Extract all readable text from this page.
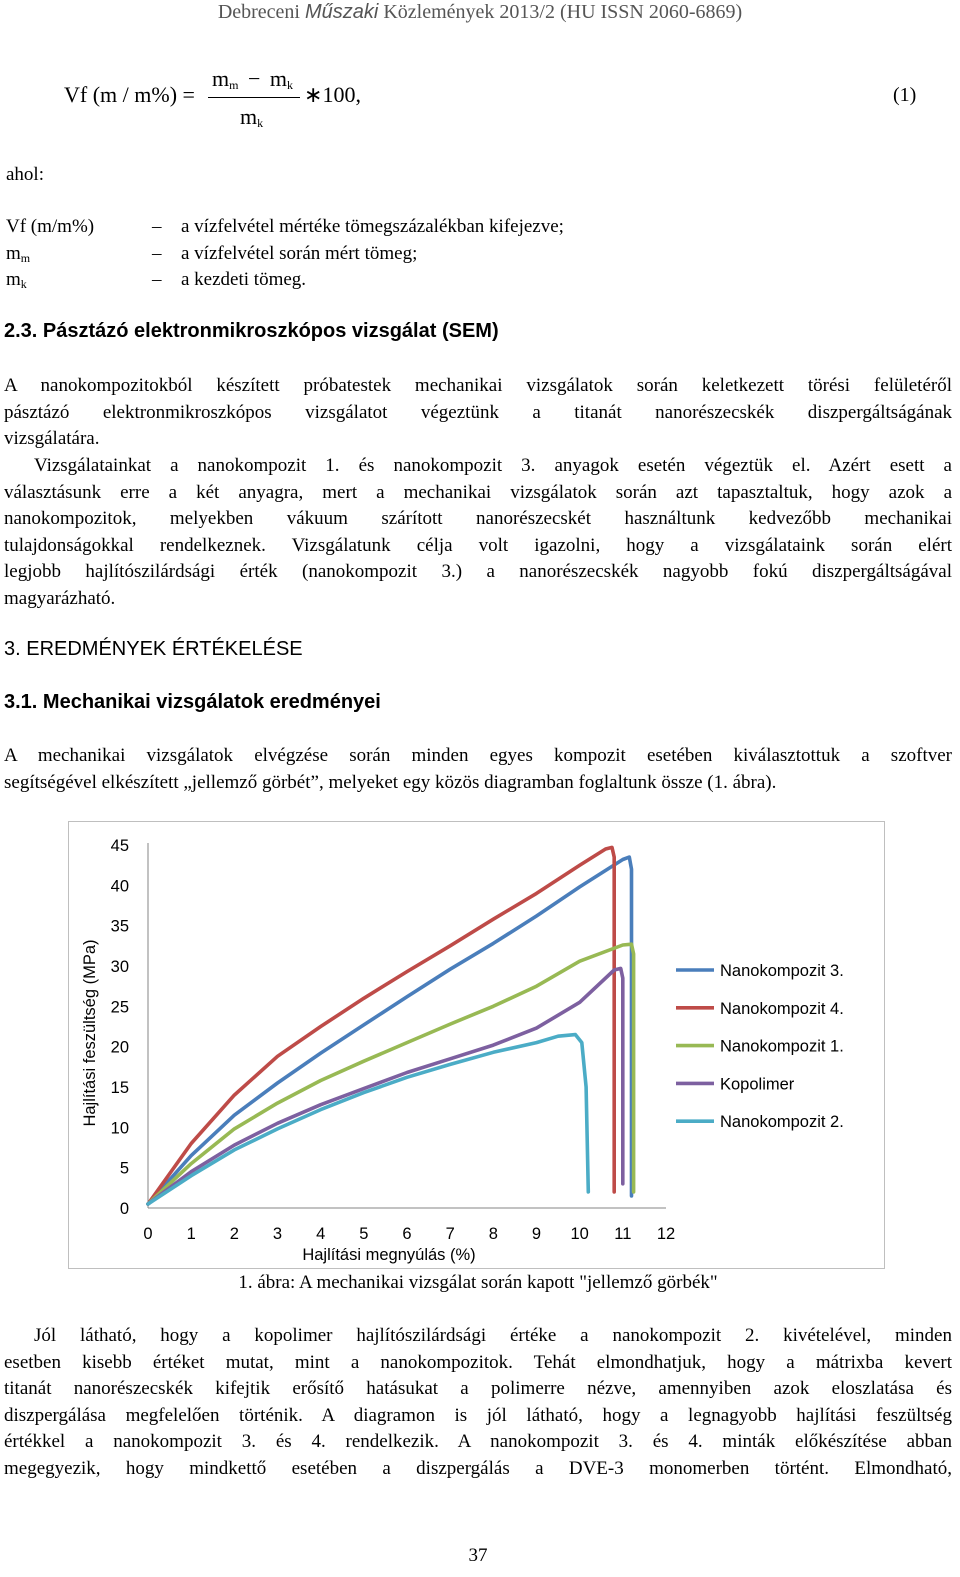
Debreceni Műszaki Közlemények 2013/2 (HU ISSN 2060-6869)
Vf (m / m%) =
$m_m - m_k$
$m_k$
∗100,	(1)
ahol:
Vf (m/m%)	– a vízfelvétel mértéke tömegszázalékban kifejezve;
$m_m$	– a vízfelvétel során mért tömeg;
$m_k$	– a kezdeti tömeg.
2.3. Pásztázó elektronmikroszkópos vizsgálat (SEM)
A nanokompozitokból készített próbatestek mechanikai vizsgálatok során keletkezett törési felületéről
pásztázó elektronmikroszkópos vizsgálatot végeztünk a titanát nanorészecskék diszpergáltságának
vizsgálatára.
Vizsgálatainkat a nanokompozit 1. és nanokompozit 3. anyagok esetén végeztük el. Azért esett a
választásunk erre a két anyagra, mert a mechanikai vizsgálatok során azt tapasztaltuk, hogy azok a
nanokompozitok, melyekben vákuum szárított nanorészecskét használtunk kedvezőbb mechanikai
tulajdonságokkal rendelkeznek. Vizsgálatunk célja volt igazolni, hogy a vizsgálataink során elért
legjobb hajlítószilárdsági érték (nanokompozit 3.) a nanorészecskék nagyobb fokú diszpergáltságával
magyarázható.
3. EREDMÉNYEK ÉRTÉKELÉSE
3.1. Mechanikai vizsgálatok eredményei
A mechanikai vizsgálatok elvégzése során minden egyes kompozit esetében kiválasztottuk a szoftver
segítségével elkészített „jellemző görbét”, melyeket egy közös diagramban foglaltunk össze (1. ábra).
0
5
10
15
20
25
30
35
40
45
0 1 2 3 4 5 6 7 8 9 10 11 12
Hajlítási megnyúlás (%)
Hajlítási feszültség (MPa)	Nanokompozit 3.
Nanokompozit 4.
Nanokompozit 1.
Kopolimer
Nanokompozit 2.
1. ábra: A mechanikai vizsgálat során kapott "jellemző görbék"
Jól látható, hogy a kopolimer hajlítószilárdsági értéke a nanokompozit 2. kivételével, minden
esetben kisebb értéket mutat, mint a nanokompozitok. Tehát elmondhatjuk, hogy a mátrixba kevert
titanát nanorészecskék kifejtik erősítő hatásukat a polimerre nézve, amennyiben azok eloszlatása és
diszpergálása megfelelően történik. A diagramon is jól látható, hogy a legnagyobb hajlítási feszültség
értékkel a nanokompozit 3. és 4. rendelkezik. A nanokompozit 3. és 4. minták előkészítése abban
megegyezik, hogy mindkettő esetében a diszpergálás a DVE-3 monomerben történt. Elmondható,
37
